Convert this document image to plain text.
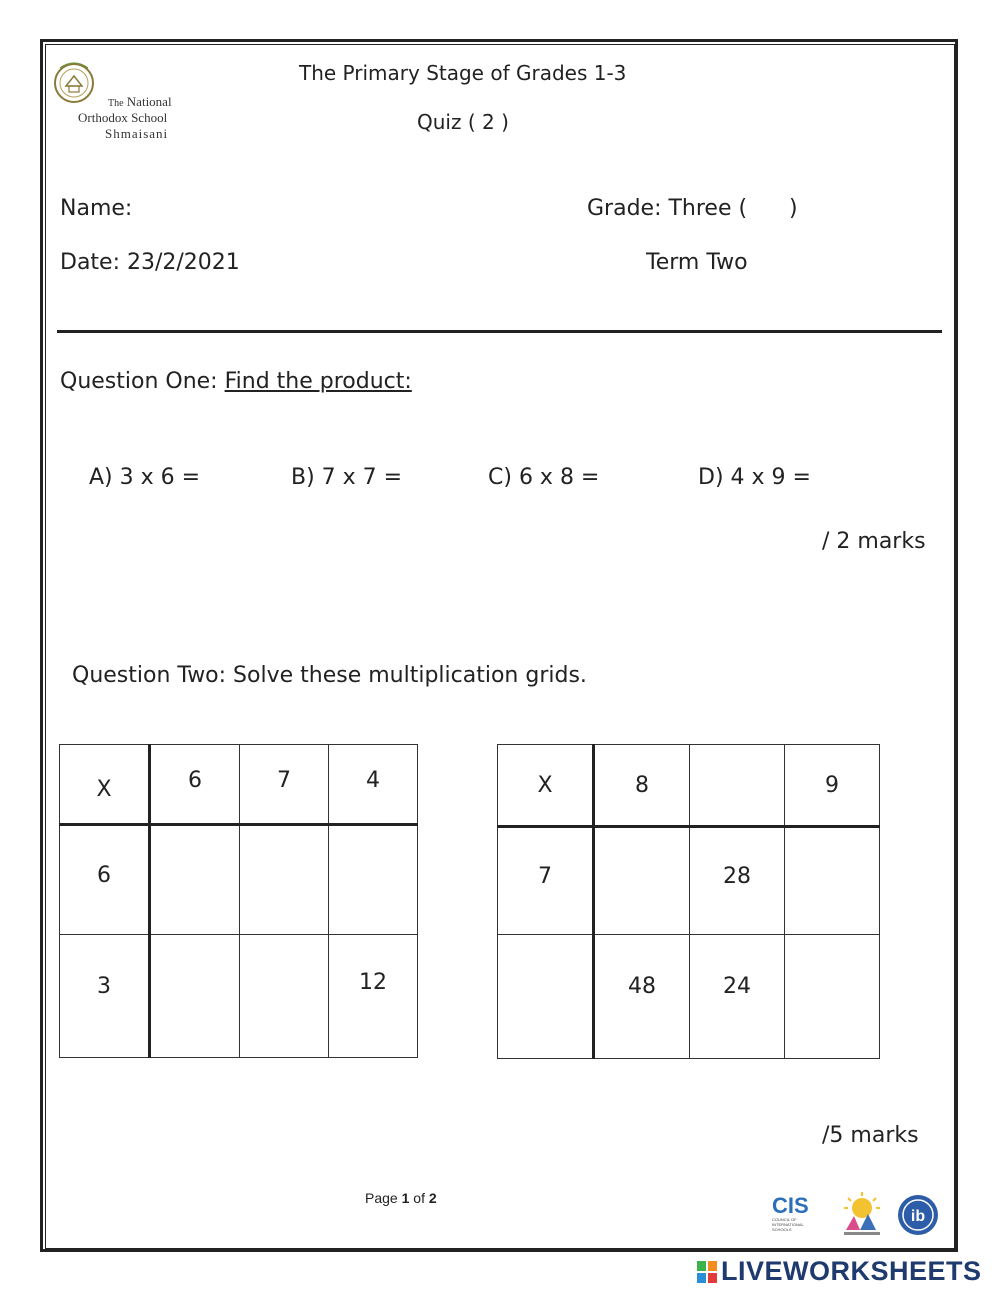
The National
Orthodox School
Shmaisani
The Primary Stage of Grades 1-3
Quiz ( 2 )
Name:	Grade: Three (      )
Date: 23/2/2021	Term Two
Question One: Find the product:
A) 3 x 6 =	B) 7 x 7 =	C) 6 x 8 =	D) 4 x 9 =
/ 2 marks
Question Two: Solve these multiplication grids.
X	6	7	4
6			
3			12
X	8		9
7		28	
	48	24	
/5 marks
Page 1 of 2	CIS
COUNCIL OF INTERNATIONAL SCHOOLS
ib
LIVEWORKSHEETS
